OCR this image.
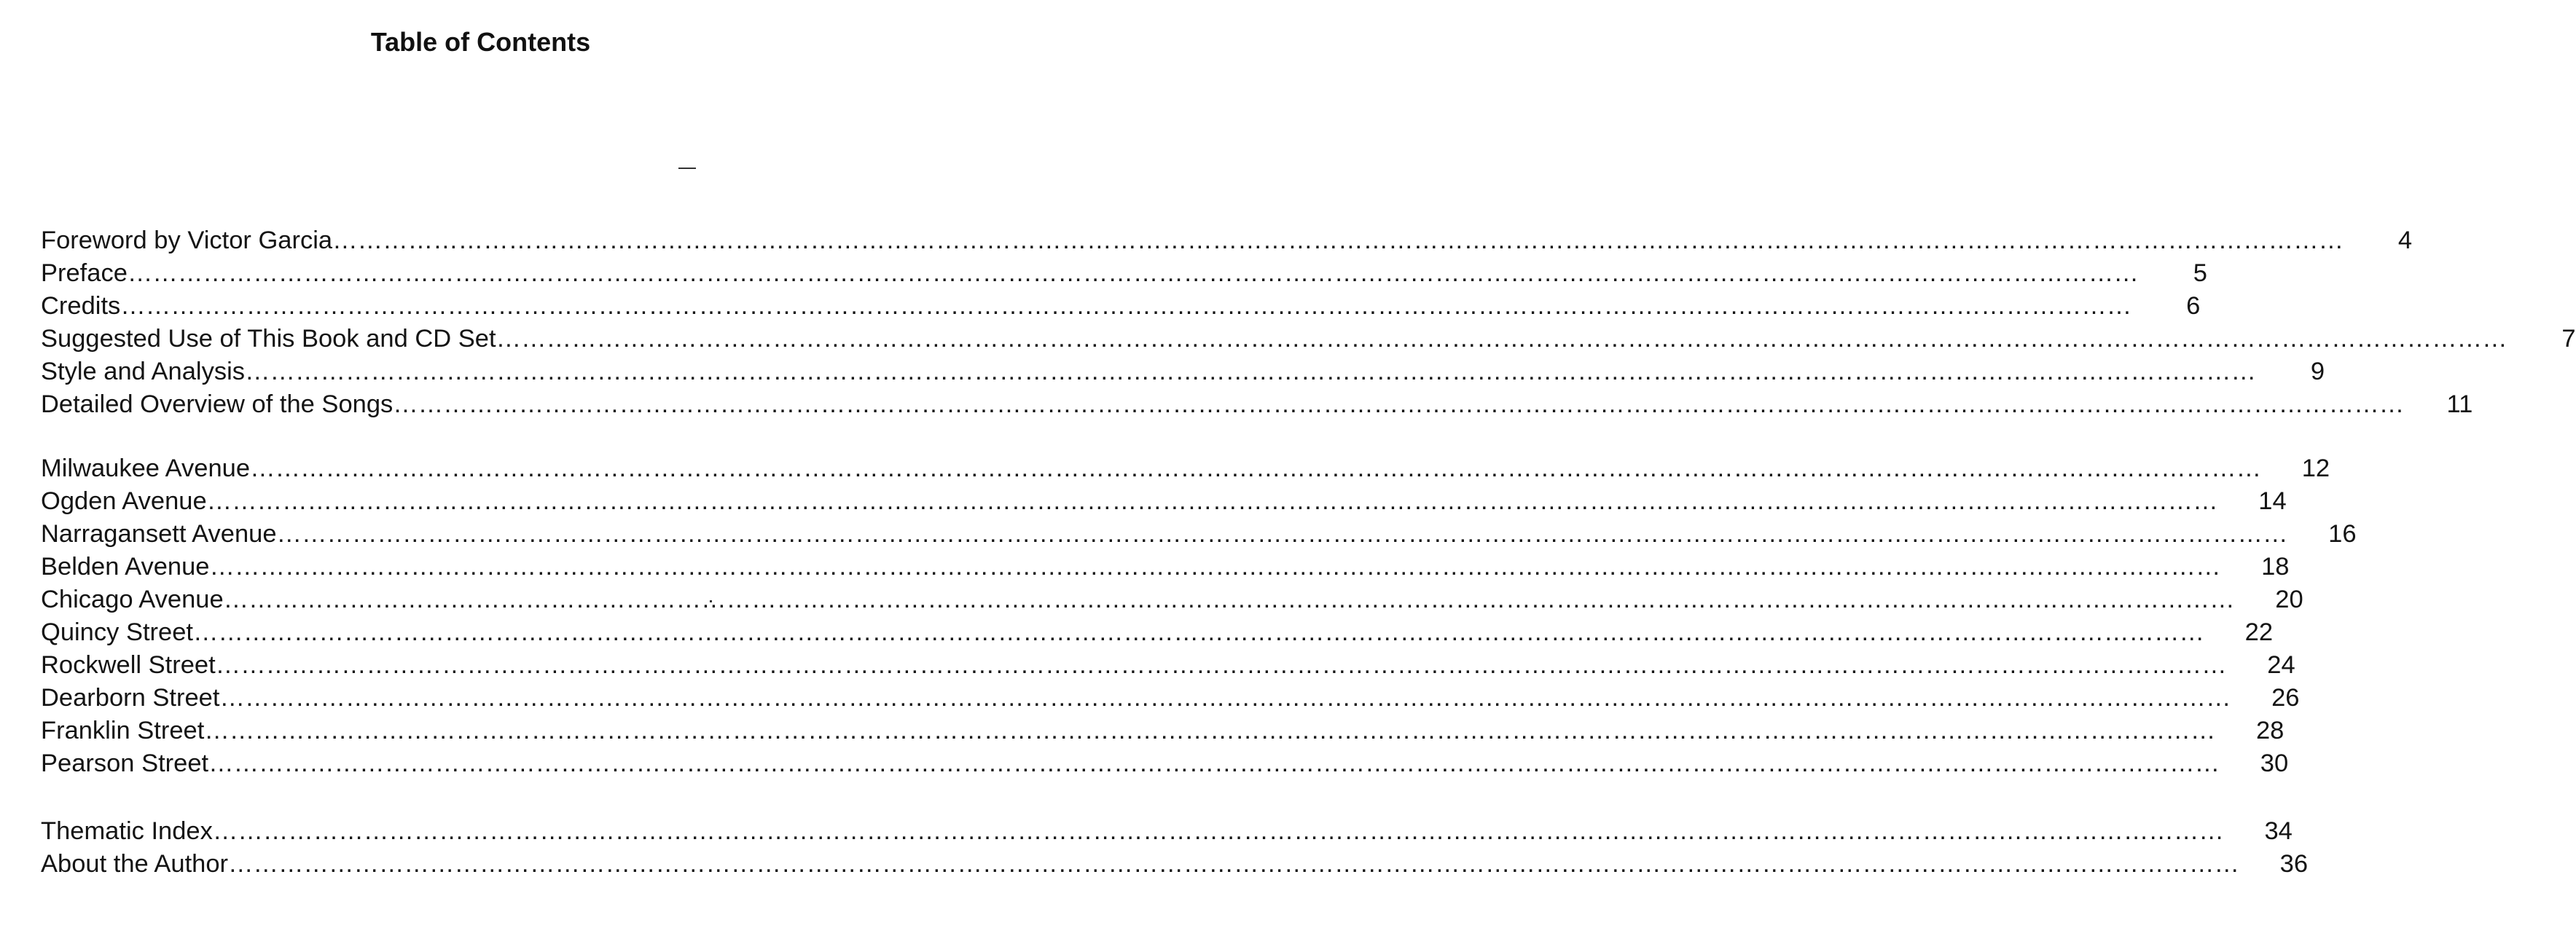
Table of Contents
Foreword by Victor Garcia ……………………………………………………………………………………………………………………………………………………………………………………………………………………	4
Preface ……………………………………………………………………………………………………………………………………………………………………………………………………………………	5
Credits ……………………………………………………………………………………………………………………………………………………………………………………………………………………	6
Suggested Use of This Book and CD Set ……………………………………………………………………………………………………………………………………………………………………………………………………………………	7
Style and Analysis ……………………………………………………………………………………………………………………………………………………………………………………………………………………	9
Detailed Overview of the Songs ……………………………………………………………………………………………………………………………………………………………………………………………………………………	11
Milwaukee Avenue ……………………………………………………………………………………………………………………………………………………………………………………………………………………	12
Ogden Avenue ……………………………………………………………………………………………………………………………………………………………………………………………………………………	14
Narragansett Avenue ……………………………………………………………………………………………………………………………………………………………………………………………………………………	16
Belden Avenue ……………………………………………………………………………………………………………………………………………………………………………………………………………………	18
Chicago Avenue ……………………………………………………………………………………………………………………………………………………………………………………………………………………	20
Quincy Street ……………………………………………………………………………………………………………………………………………………………………………………………………………………	22
Rockwell Street ……………………………………………………………………………………………………………………………………………………………………………………………………………………	24
Dearborn Street ……………………………………………………………………………………………………………………………………………………………………………………………………………………	26
Franklin Street ……………………………………………………………………………………………………………………………………………………………………………………………………………………	28
Pearson Street ……………………………………………………………………………………………………………………………………………………………………………………………………………………	30
Thematic Index ……………………………………………………………………………………………………………………………………………………………………………………………………………………	34
About the Author ……………………………………………………………………………………………………………………………………………………………………………………………………………………	36
